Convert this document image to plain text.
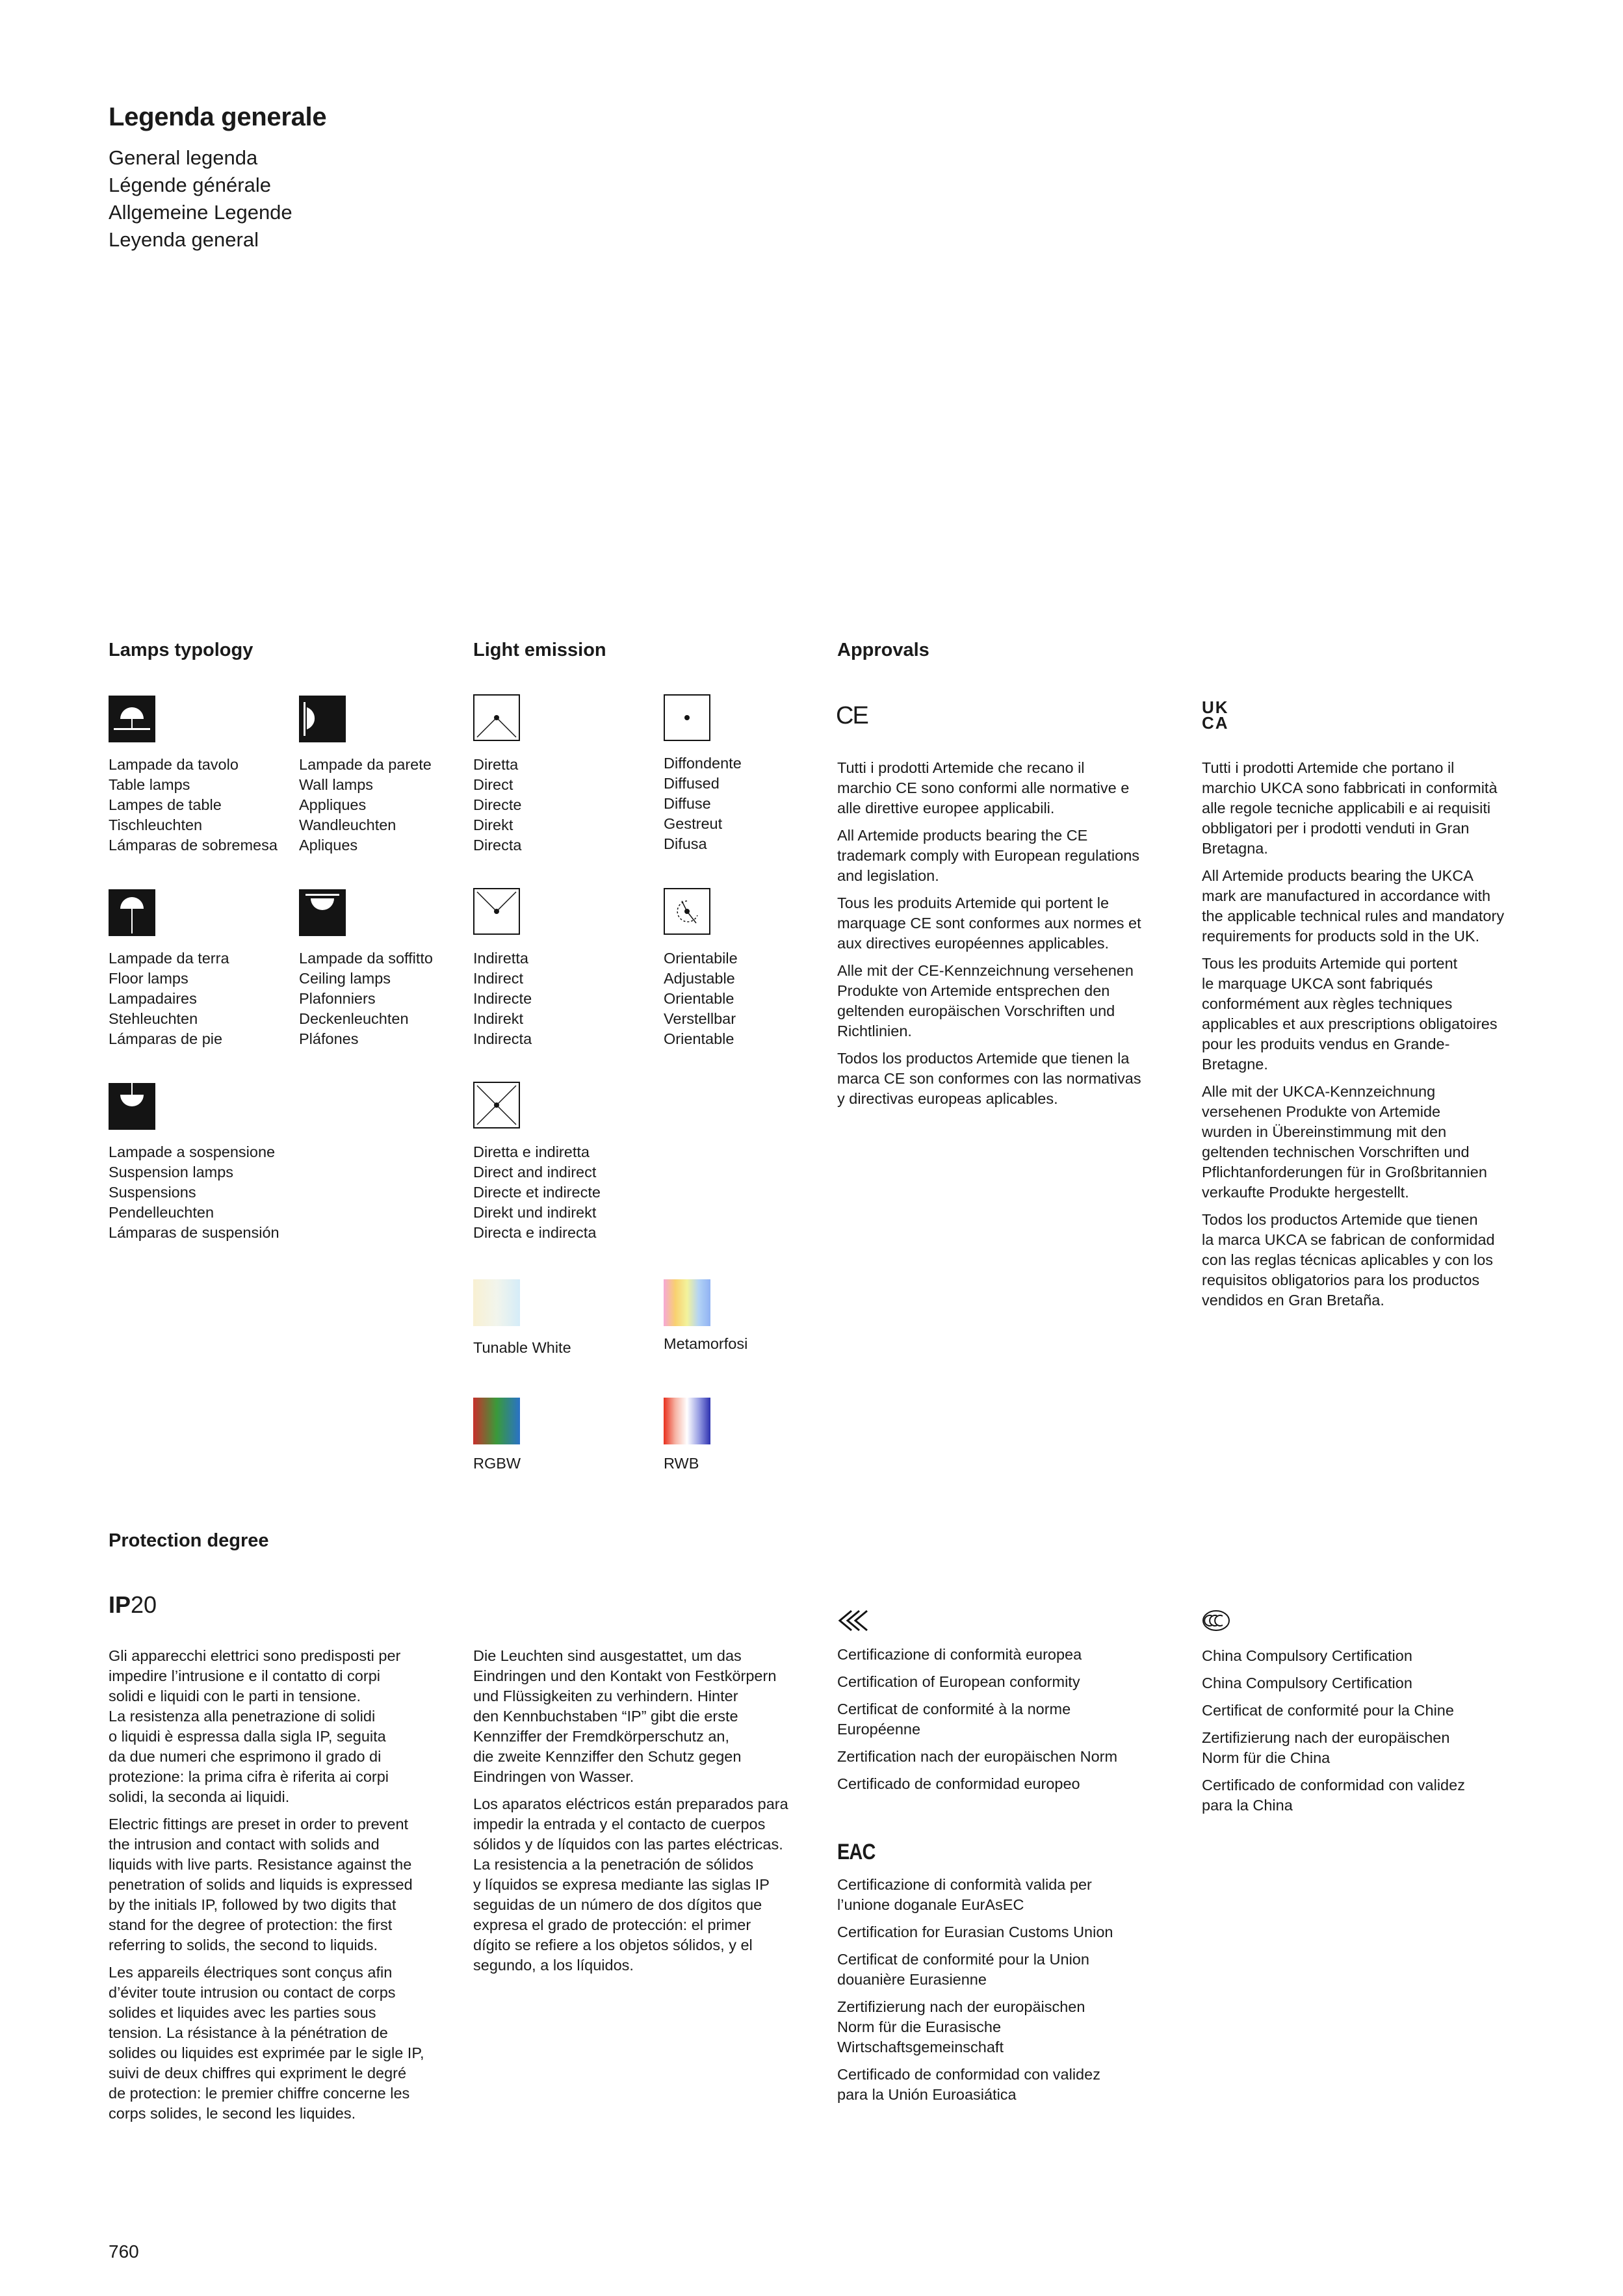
Legenda generale
General legenda
Légende générale
Allgemeine Legende
Leyenda general
Lamps typology	Light emission	Approvals
Lampade da tavolo
Table lamps
Lampes de table
Tischleuchten
Lámparas de sobremesa
Lampade da parete
Wall lamps
Appliques
Wandleuchten
Apliques
Lampade da terra
Floor lamps
Lampadaires
Stehleuchten
Lámparas de pie
Lampade da soffitto
Ceiling lamps
Plafonniers
Deckenleuchten
Pláfones
Lampade a sospensione
Suspension lamps
Suspensions
Pendelleuchten
Lámparas de suspensión
Diretta
Direct
Directe
Direkt
Directa
Diffondente
Diffused
Diffuse
Gestreut
Difusa
Indiretta
Indirect
Indirecte
Indirekt
Indirecta
Orientabile
Adjustable
Orientable
Verstellbar
Orientable
Diretta e indiretta
Direct and indirect
Directe et indirecte
Direkt und indirekt
Directa e indirecta
Tunable White	Metamorfosi
RGBW	RWB
CE

Tutti i prodotti Artemide che recano il
marchio CE sono conformi alle normative e
alle direttive europee applicabili.

All Artemide products bearing the CE
trademark comply with European regulations
and legislation.

Tous les produits Artemide qui portent le
marquage CE sont conformes aux normes et
aux directives européennes applicables.

Alle mit der CE-Kennzeichnung versehenen
Produkte von Artemide entsprechen den
geltenden europäischen Vorschriften und
Richtlinien.

Todos los productos Artemide que tienen la
marca CE son conformes con las normativas
y directivas europeas aplicables.

UK
CA

Tutti i prodotti Artemide che portano il
marchio UKCA sono fabbricati in conformità
alle regole tecniche applicabili e ai requisiti
obbligatori per i prodotti venduti in Gran
Bretagna.

All Artemide products bearing the UKCA
mark are manufactured in accordance with
the applicable technical rules and mandatory
requirements for products sold in the UK.

Tous les produits Artemide qui portent
le marquage UKCA sont fabriqués
conformément aux règles techniques
applicables et aux prescriptions obligatoires
pour les produits vendus en Grande-
Bretagne.

Alle mit der UKCA-Kennzeichnung
versehenen Produkte von Artemide
wurden in Übereinstimmung mit den
geltenden technischen Vorschriften und
Pflichtanforderungen für in Großbritannien
verkaufte Produkte hergestellt.

Todos los productos Artemide que tienen
la marca UKCA se fabrican de conformidad
con las reglas técnicas aplicables y con los
requisitos obligatorios para los productos
vendidos en Gran Bretaña.

Protection degree
IP20

Gli apparecchi elettrici sono predisposti per
impedire l’intrusione e il contatto di corpi
solidi e liquidi con le parti in tensione.
La resistenza alla penetrazione di solidi
o liquidi è espressa dalla sigla IP, seguita
da due numeri che esprimono il grado di
protezione: la prima cifra è riferita ai corpi
solidi, la seconda ai liquidi.

Electric fittings are preset in order to prevent
the intrusion and contact with solids and
liquids with live parts. Resistance against the
penetration of solids and liquids is expressed
by the initials IP, followed by two digits that
stand for the degree of protection: the first
referring to solids, the second to liquids.

Les appareils électriques sont conçus afin
d’éviter toute intrusion ou contact de corps
solides et liquides avec les parties sous
tension. La résistance à la pénétration de
solides ou liquides est exprimée par le sigle IP,
suivi de deux chiffres qui expriment le degré
de protection: le premier chiffre concerne les
corps solides, le second les liquides.

Die Leuchten sind ausgestattet, um das
Eindringen und den Kontakt von Festkörpern
und Flüssigkeiten zu verhindern. Hinter
den Kennbuchstaben “IP” gibt die erste
Kennziffer der Fremdkörperschutz an,
die zweite Kennziffer den Schutz gegen
Eindringen von Wasser.

Los aparatos eléctricos están preparados para
impedir la entrada y el contacto de cuerpos
sólidos y de líquidos con las partes eléctricas.
La resistencia a la penetración de sólidos
y líquidos se expresa mediante las siglas IP
seguidas de un número de dos dígitos que
expresa el grado de protección: el primer
dígito se refiere a los objetos sólidos, y el
segundo, a los líquidos.

Certificazione di conformità europea

Certification of European conformity

Certificat de conformité à la norme
Européenne

Zertification nach der europäischen Norm

Certificado de conformidad europeo

EAC

Certificazione di conformità valida per
l’unione doganale EurAsEC

Certification for Eurasian Customs Union

Certificat de conformité pour la Union
douanière Eurasienne

Zertifizierung nach der europäischen
Norm für die Eurasische
Wirtschaftsgemeinschaft

Certificado de conformidad con validez
para la Unión Euroasiática

China Compulsory Certification

China Compulsory Certification

Certificat de conformité pour la Chine

Zertifizierung nach der europäischen
Norm für die China

Certificado de conformidad con validez
para la China

760
